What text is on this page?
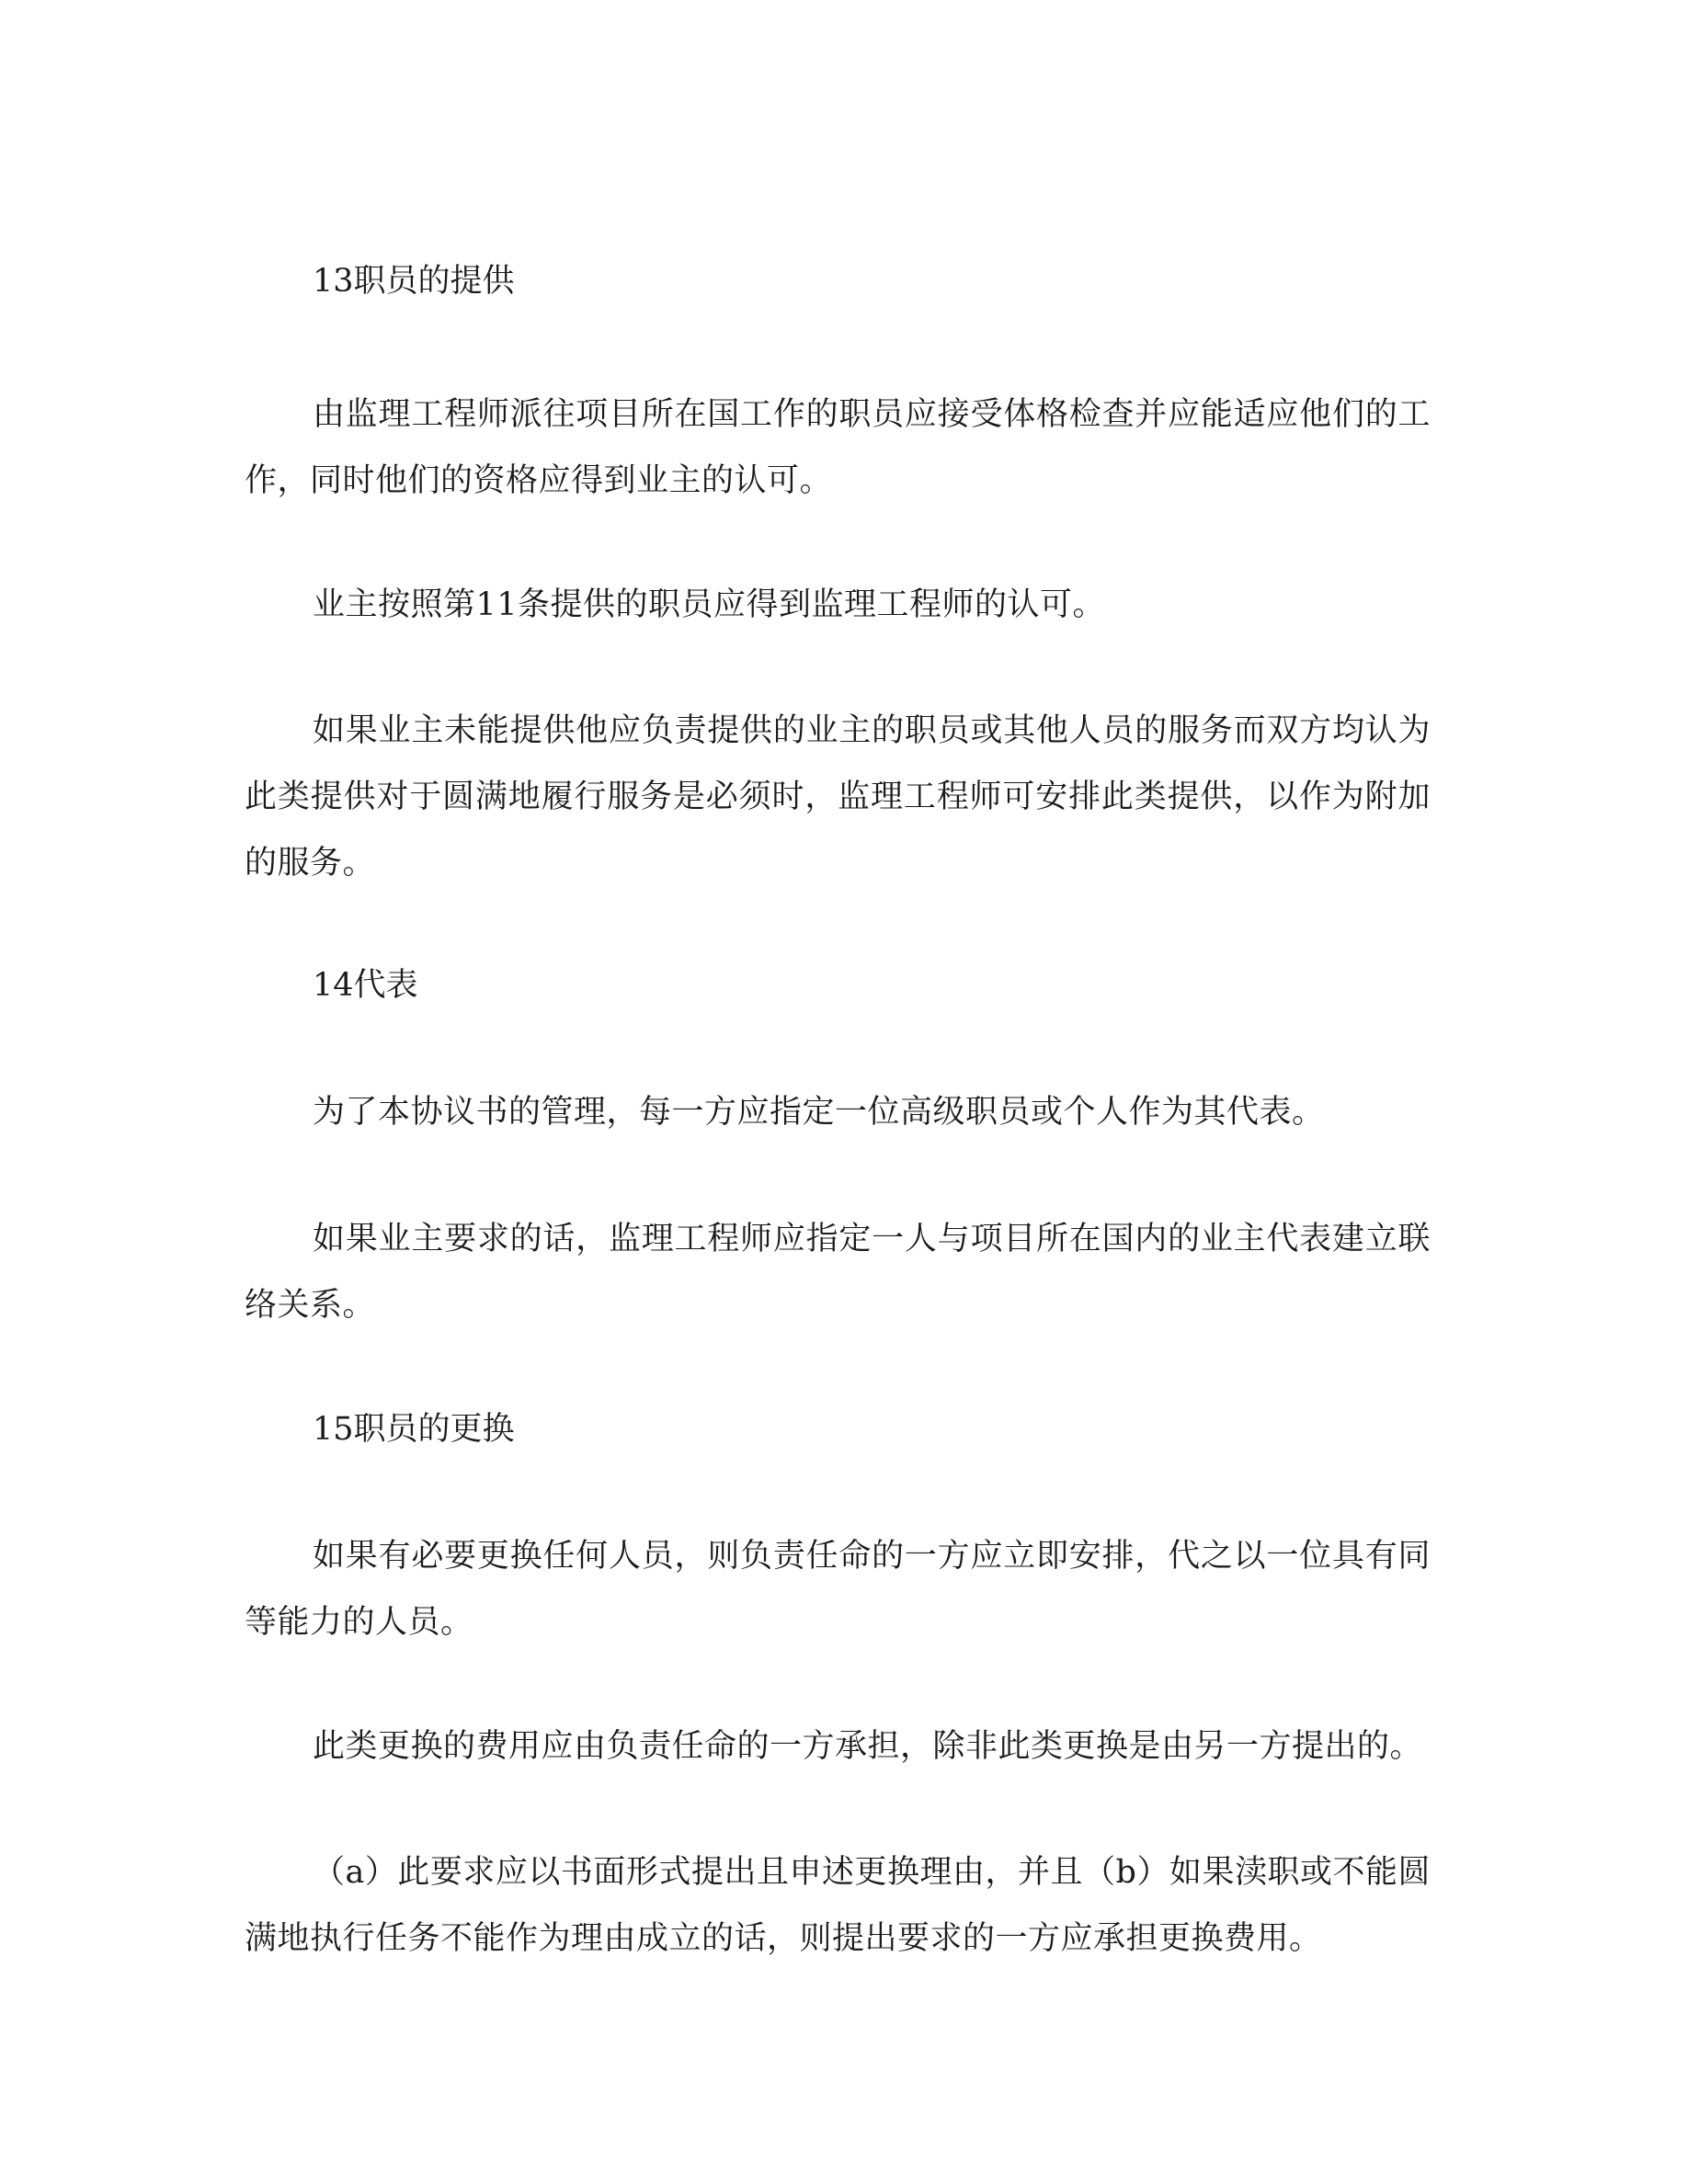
13职员的提供

由监理工程师派往项目所在国工作的职员应接受体格检查并应能适应他们的工作，同时他们的资格应得到业主的认可。

业主按照第11条提供的职员应得到监理工程师的认可。

如果业主未能提供他应负责提供的业主的职员或其他人员的服务而双方均认为此类提供对于圆满地履行服务是必须时，监理工程师可安排此类提供，以作为附加的服务。

14代表

为了本协议书的管理，每一方应指定一位高级职员或个人作为其代表。

如果业主要求的话，监理工程师应指定一人与项目所在国内的业主代表建立联络关系。

15职员的更换

如果有必要更换任何人员，则负责任命的一方应立即安排，代之以一位具有同等能力的人员。

此类更换的费用应由负责任命的一方承担，除非此类更换是由另一方提出的。

（a）此要求应以书面形式提出且申述更换理由，并且（b）如果渎职或不能圆满地执行任务不能作为理由成立的话，则提出要求的一方应承担更换费用。
